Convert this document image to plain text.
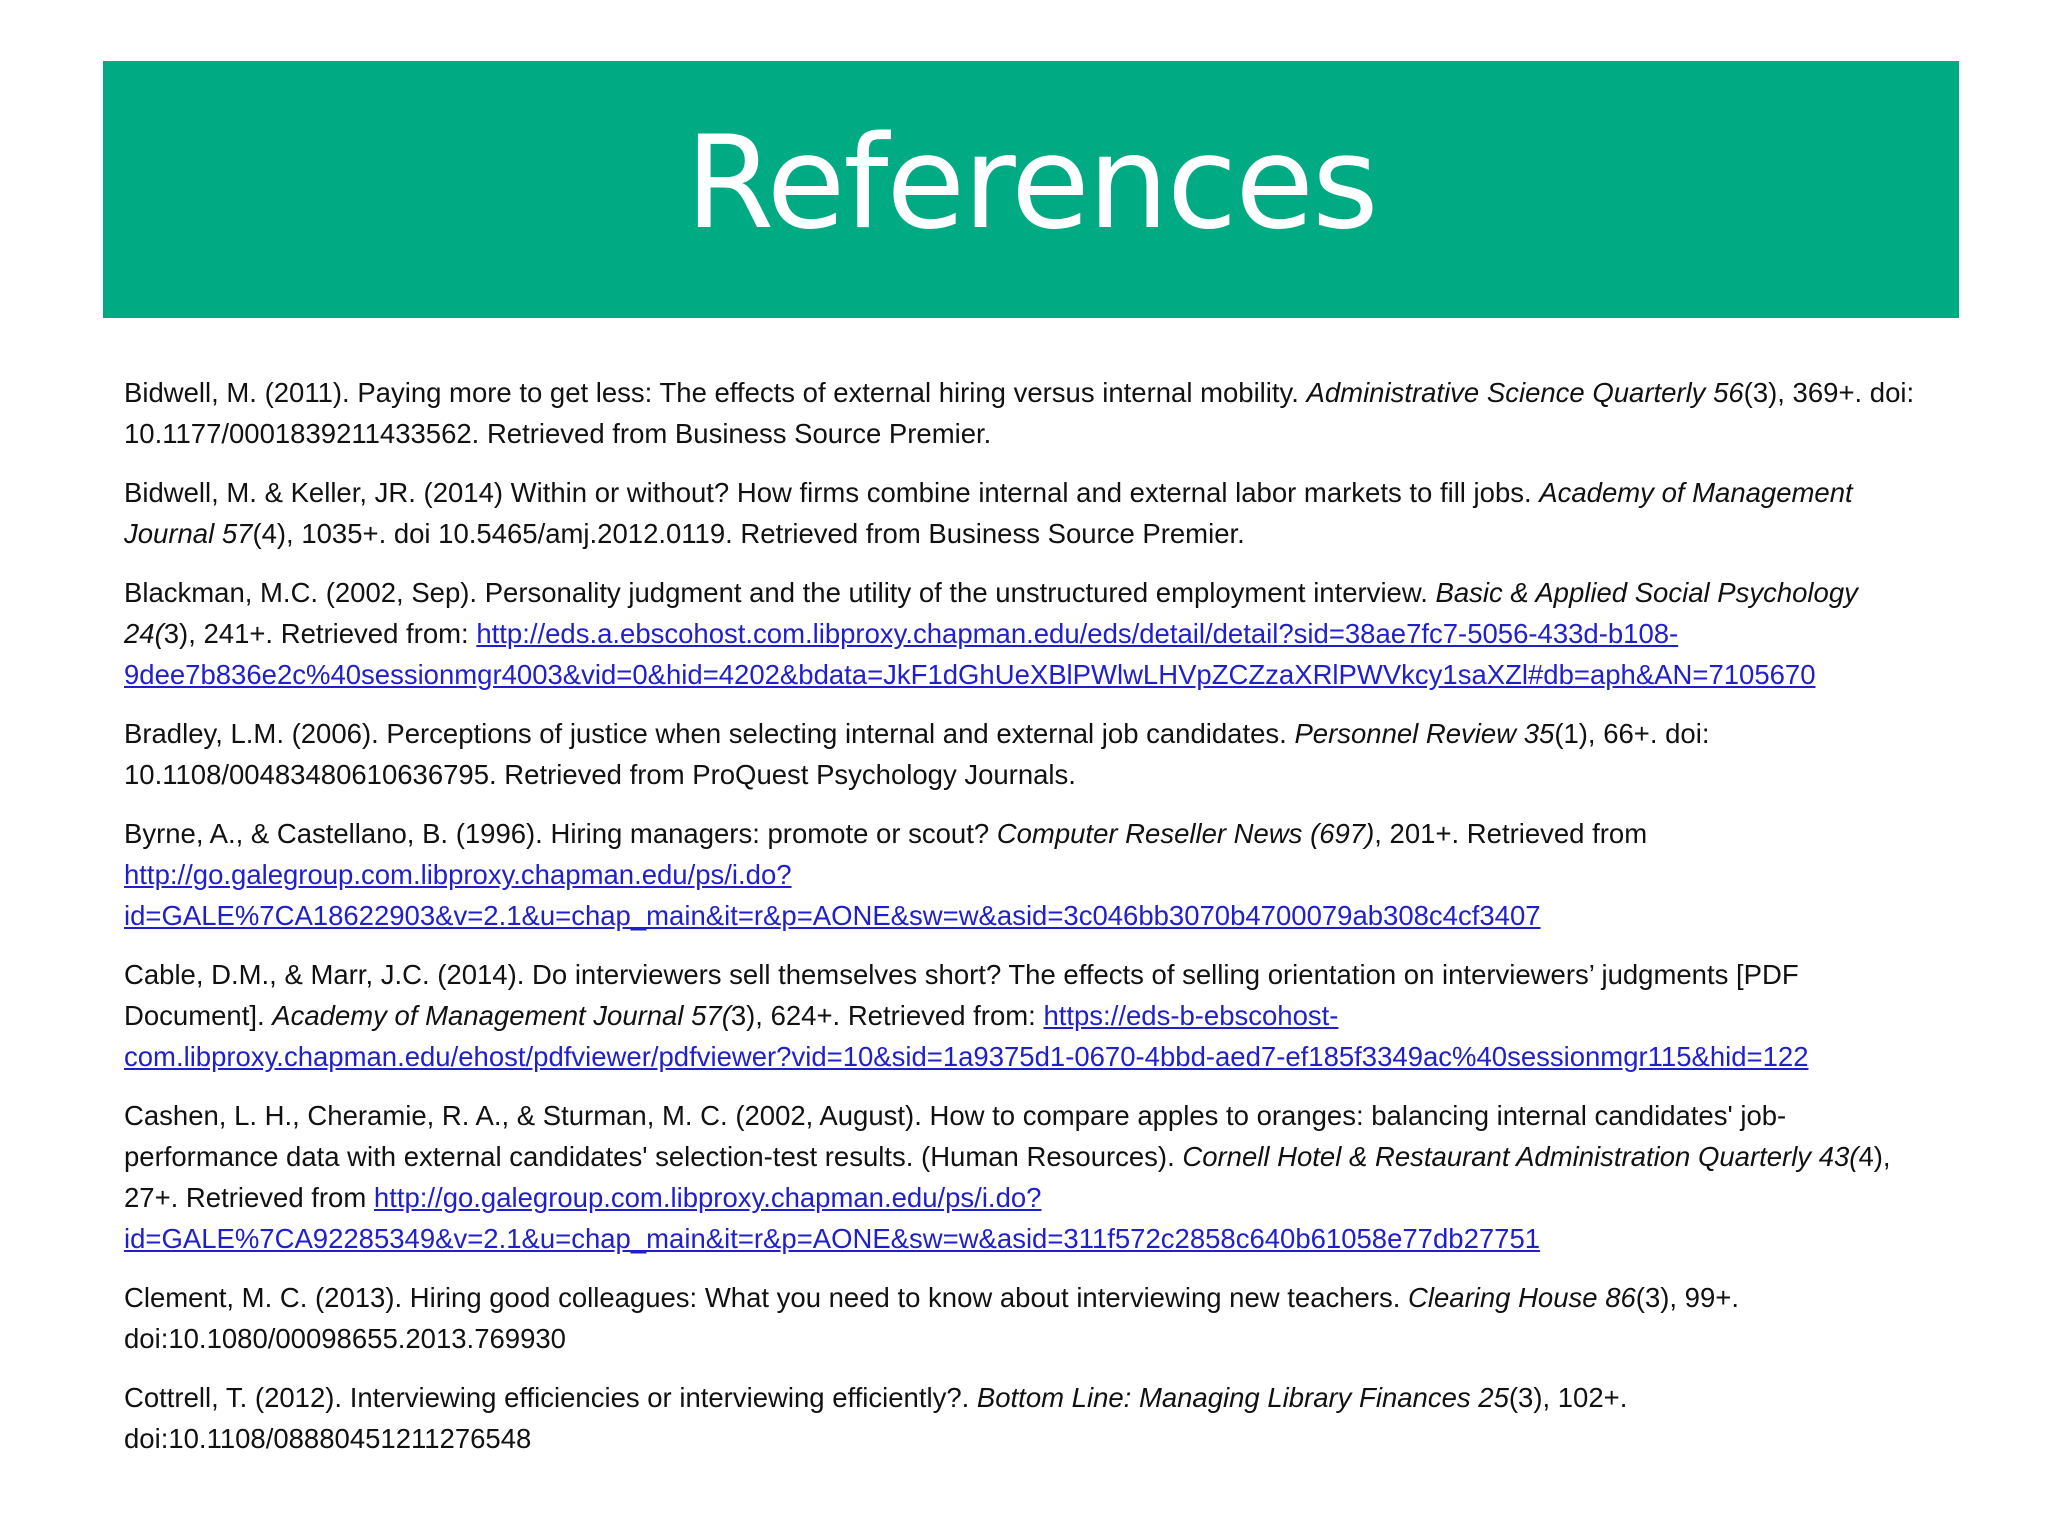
References

Bidwell, M. (2011). Paying more to get less: The effects of external hiring versus internal mobility. Administrative Science Quarterly 56(3), 369+. doi: 10.1177/0001839211433562. Retrieved from Business Source Premier.

Bidwell, M. & Keller, JR. (2014) Within or without? How firms combine internal and external labor markets to fill jobs. Academy of Management Journal 57(4), 1035+. doi 10.5465/amj.2012.0119. Retrieved from Business Source Premier.

Blackman, M.C. (2002, Sep). Personality judgment and the utility of the unstructured employment interview. Basic & Applied Social Psychology 24(3), 241+. Retrieved from: http://eds.a.ebscohost.com.libproxy.chapman.edu/eds/detail/detail?sid=38ae7fc7-5056-433d-b108-9dee7b836e2c%40sessionmgr4003&vid=0&hid=4202&bdata=JkF1dGhUeXBlPWlwLHVpZCZzaXRlPWVkcy1saXZl#db=aph&AN=7105670

Bradley, L.M. (2006). Perceptions of justice when selecting internal and external job candidates. Personnel Review 35(1), 66+. doi: 10.1108/00483480610636795. Retrieved from ProQuest Psychology Journals.

Byrne, A., & Castellano, B. (1996). Hiring managers: promote or scout? Computer Reseller News (697), 201+. Retrieved from http://go.galegroup.com.libproxy.chapman.edu/ps/i.do?id=GALE%7CA18622903&v=2.1&u=chap_main&it=r&p=AONE&sw=w&asid=3c046bb3070b4700079ab308c4cf3407

Cable, D.M., & Marr, J.C. (2014). Do interviewers sell themselves short? The effects of selling orientation on interviewers’ judgments [PDF Document]. Academy of Management Journal 57(3), 624+. Retrieved from: https://eds-b-ebscohost-com.libproxy.chapman.edu/ehost/pdfviewer/pdfviewer?vid=10&sid=1a9375d1-0670-4bbd-aed7-ef185f3349ac%40sessionmgr115&hid=122

Cashen, L. H., Cheramie, R. A., & Sturman, M. C. (2002, August). How to compare apples to oranges: balancing internal candidates' job-performance data with external candidates' selection-test results. (Human Resources). Cornell Hotel & Restaurant Administration Quarterly 43(4), 27+. Retrieved from http://go.galegroup.com.libproxy.chapman.edu/ps/i.do?id=GALE%7CA92285349&v=2.1&u=chap_main&it=r&p=AONE&sw=w&asid=311f572c2858c640b61058e77db27751

Clement, M. C. (2013). Hiring good colleagues: What you need to know about interviewing new teachers. Clearing House 86(3), 99+. doi:10.1080/00098655.2013.769930

Cottrell, T. (2012). Interviewing efficiencies or interviewing efficiently?. Bottom Line: Managing Library Finances 25(3), 102+. doi:10.1108/08880451211276548
